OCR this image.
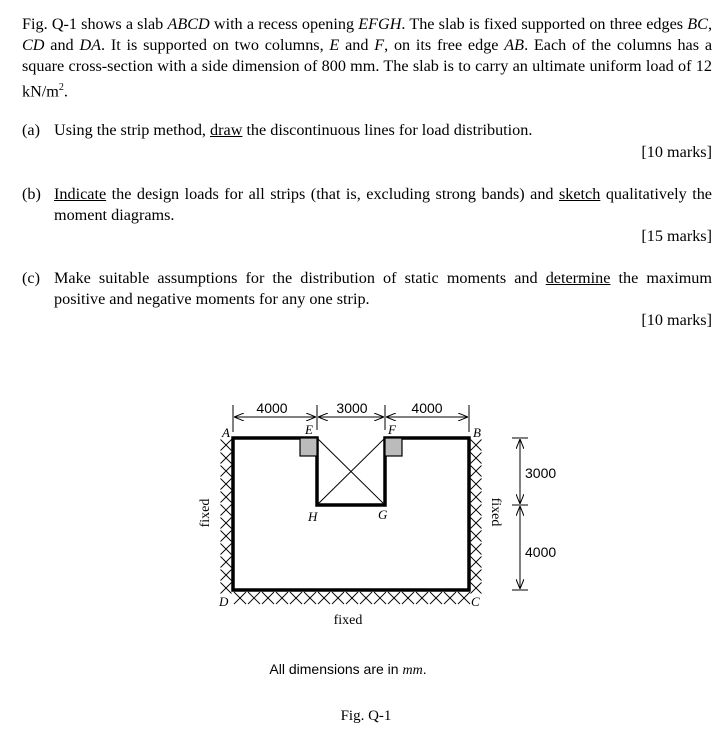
Fig. Q-1 shows a slab ABCD with a recess opening EFGH. The slab is fixed supported on three edges BC, CD and DA. It is supported on two columns, E and F, on its free edge AB. Each of the columns has a square cross-section with a side dimension of 800 mm. The slab is to carry an ultimate uniform load of 12 $kN/m^2$.
(a) Using the strip method, draw the discontinuous lines for load distribution.
[10 marks]
(b) Indicate the design loads for all strips (that is, excluding strong bands) and sketch qualitatively the moment diagrams.
[15 marks]
(c) Make suitable assumptions for the distribution of static moments and determine the maximum positive and negative moments for any one strip.
[10 marks]
4000	3000	4000
3000
4000
A	B
C
D
E	F
G
H
fixed	fixed
fixed
All dimensions are in mm.
Fig. Q-1
